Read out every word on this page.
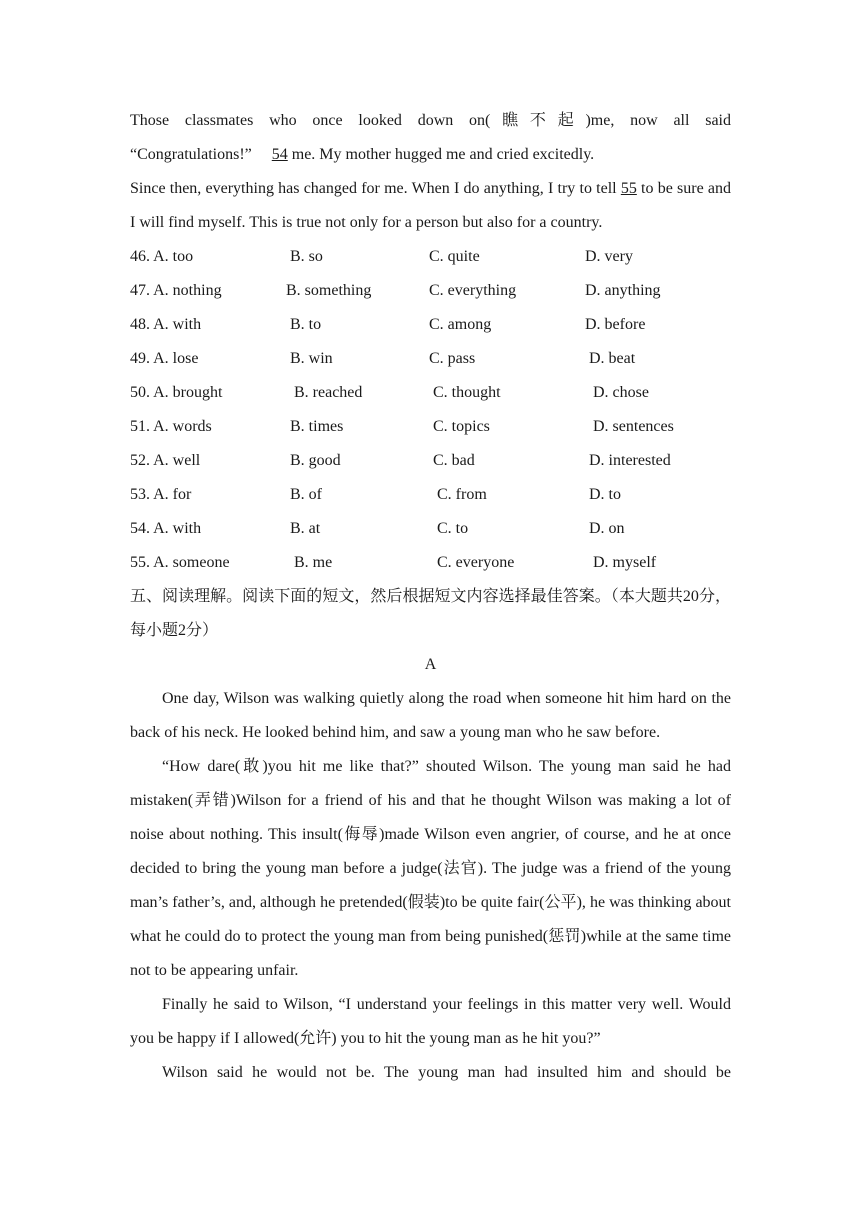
Those classmates who once looked down on(瞧不起)me, now all said “Congratulations!” 54 me. My mother hugged me and cried excitedly.

Since then, everything has changed for me. When I do anything, I try to tell 55 to be sure and I will find myself. This is true not only for a person but also for a country.

46. A. too	B. so	C. quite	D. very
47. A. nothing	B. something	C. everything	D. anything
48. A. with	B. to	C. among	D. before
49. A. lose	B. win	C. pass	D. beat
50. A. brought	B. reached	C. thought	D. chose
51. A. words	B. times	C. topics	D. sentences
52. A. well	B. good	C. bad	D. interested
53. A. for	B. of	C. from	D. to
54. A. with	B. at	C. to	D. on
55. A. someone	B. me	C. everyone	D. myself

五、阅读理解。阅读下面的短文，然后根据短文内容选择最佳答案。（本大题共20分，每小题2分）

A

One day, Wilson was walking quietly along the road when someone hit him hard on the back of his neck. He looked behind him, and saw a young man who he saw before.

“How dare(敢)you hit me like that?” shouted Wilson. The young man said he had mistaken(弄错)Wilson for a friend of his and that he thought Wilson was making a lot of noise about nothing. This insult(侮辱)made Wilson even angrier, of course, and he at once decided to bring the young man before a judge(法官). The judge was a friend of the young man’s father’s, and, although he pretended(假装)to be quite fair(公平), he was thinking about what he could do to protect the young man from being punished(惩罚)while at the same time not to be appearing unfair.

Finally he said to Wilson, “I understand your feelings in this matter very well. Would you be happy if I allowed(允许) you to hit the young man as he hit you?”

Wilson said he would not be. The young man had insulted him and should be
